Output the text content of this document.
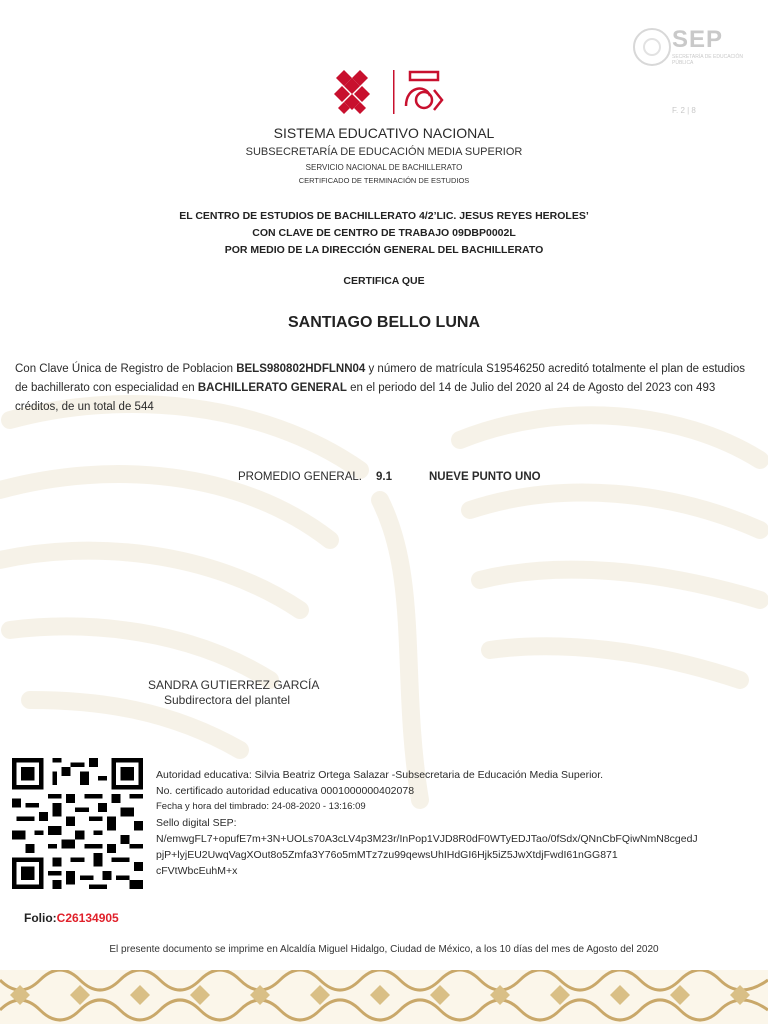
SEP
SECRETARÍA DE EDUCACIÓN PÚBLICA
F. 2 | 8
SISTEMA EDUCATIVO NACIONAL
SUBSECRETARÍA DE EDUCACIÓN MEDIA SUPERIOR
SERVICIO NACIONAL DE BACHILLERATO
CERTIFICADO DE TERMINACIÓN DE ESTUDIOS
EL CENTRO DE ESTUDIOS DE BACHILLERATO 4/2’LIC. JESUS REYES HEROLES’
CON CLAVE DE CENTRO DE TRABAJO 09DBP0002L
POR MEDIO DE LA DIRECCIÓN GENERAL DEL BACHILLERATO
CERTIFICA QUE
SANTIAGO BELLO LUNA
Con Clave Única de Registro de Poblacion BELS980802HDFLNN04 y número de matrícula S19546250 acreditó totalmente el plan de estudios de bachillerato con especialidad en BACHILLERATO GENERAL en el periodo del 14 de Julio del 2020 al 24 de Agosto del 2023 con 493 créditos, de un total de 544
PROMEDIO GENERAL. 9.1	NUEVE PUNTO UNO
SANDRA GUTIERREZ GARCÍA
Subdirectora del plantel
Autoridad educativa: Silvia Beatriz Ortega Salazar -Subsecretaria de Educación Media Superior.
No. certificado autoridad educativa 0001000000402078
Fecha y hora del timbrado: 24-08-2020 - 13:16:09
Sello digital SEP:
N/emwgFL7+opufE7m+3N+UOLs70A3cLV4p3M23r/InPop1VJD8R0dF0WTyEDJTao/0fSdx/QNnCbFQiwNmN8cgedJ
pjP+lyjEU2UwqVagXOut8o5Zmfa3Y76o5mMTz7zu99qewsUhIHdGI6Hjk5iZ5JwXtdjFwdI61nGG871
cFVtWbcEuhM+x
Folio:C26134905
El presente documento se imprime en Alcaldía Miguel Hidalgo, Ciudad de México, a los 10 días del mes de Agosto del 2020
